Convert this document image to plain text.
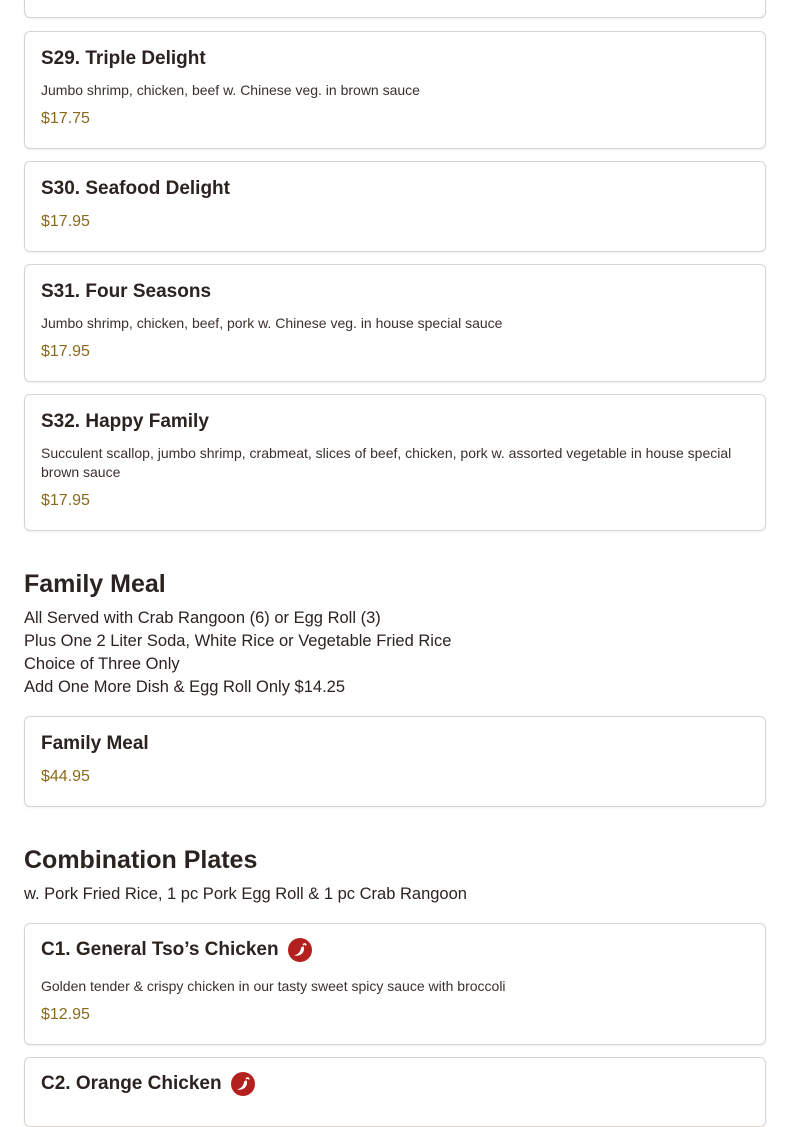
S29. Triple Delight
Jumbo shrimp, chicken, beef w. Chinese veg. in brown sauce
$17.75
S30. Seafood Delight
$17.95
S31. Four Seasons
Jumbo shrimp, chicken, beef, pork w. Chinese veg. in house special sauce
$17.95
S32. Happy Family
Succulent scallop, jumbo shrimp, crabmeat, slices of beef, chicken, pork w. assorted vegetable in house special brown sauce
$17.95
Family Meal
All Served with Crab Rangoon (6) or Egg Roll (3)
Plus One 2 Liter Soda, White Rice or Vegetable Fried Rice
Choice of Three Only
Add One More Dish & Egg Roll Only $14.25
Family Meal
$44.95
Combination Plates
w. Pork Fried Rice, 1 pc Pork Egg Roll & 1 pc Crab Rangoon
C1. General Tso’s Chicken
Golden tender & crispy chicken in our tasty sweet spicy sauce with broccoli
$12.95
C2. Orange Chicken
